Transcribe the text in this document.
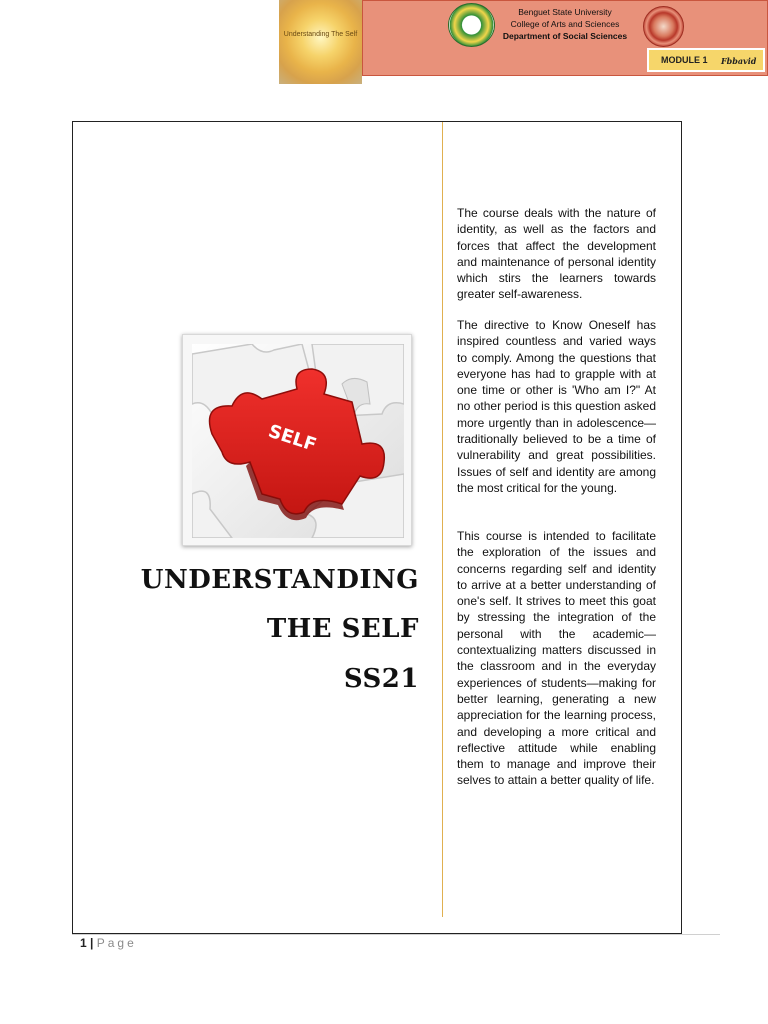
Understanding The Self
Benguet State University
College of Arts and Sciences
Department of Social Sciences
MODULE 1 Fbbavid
SELF
UNDERSTANDING
THE SELF
SS21

The course deals with the nature of identity, as well as the factors and forces that affect the development and maintenance of personal identity which stirs the learners towards greater self-awareness.

The directive to Know Oneself has inspired countless and varied ways to comply. Among the questions that everyone has had to grapple with at one time or other is 'Who am I?" At no other period is this question asked more urgently than in adolescence— traditionally believed to be a time of vulnerability and great possibilities. Issues of self and identity are among the most critical for the young.

This course is intended to facilitate the exploration of the issues and concerns regarding self and identity to arrive at a better understanding of one's self. It strives to meet this goat by stressing the integration of the personal with the academic—contextualizing matters discussed in the classroom and in the everyday experiences of students—making for better learning, generating a new appreciation for the learning process, and developing a more critical and reflective attitude while enabling them to manage and improve their selves to attain a better quality of life.

1 | Page
